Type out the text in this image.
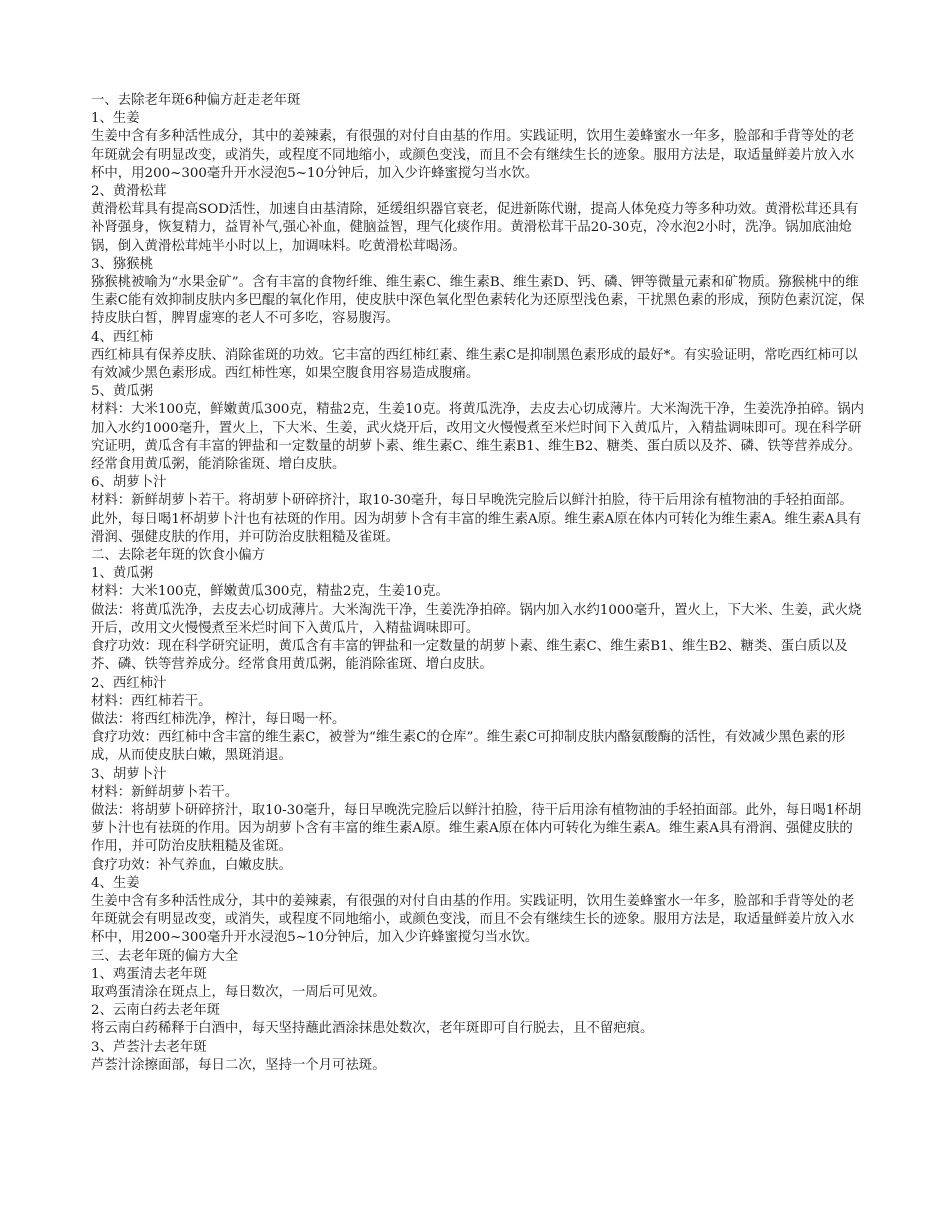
一、去除老年斑6种偏方赶走老年斑

1、生姜

生姜中含有多种活性成分，其中的姜辣素，有很强的对付自由基的作用。实践证明，饮用生姜蜂蜜水一年多，脸部和手背等处的老年斑就会有明显改变，或消失，或程度不同地缩小，或颜色变浅，而且不会有继续生长的迹象。服用方法是，取适量鲜姜片放入水杯中，用200~300毫升开水浸泡5~10分钟后，加入少许蜂蜜搅匀当水饮。

2、黄滑松茸

黄滑松茸具有提高SOD活性，加速自由基清除，延缓组织器官衰老，促进新陈代谢，提高人体免疫力等多种功效。黄滑松茸还具有补肾强身，恢复精力，益胃补气,强心补血，健脑益智，理气化痰作用。黄滑松茸干品20-30克，冷水泡2小时，洗净。锅加底油炝锅，倒入黄滑松茸炖半小时以上，加调味料。吃黄滑松茸喝汤。

3、猕猴桃

猕猴桃被喻为“水果金矿”。含有丰富的食物纤维、维生素C、维生素B、维生素D、钙、磷、钾等微量元素和矿物质。猕猴桃中的维生素C能有效抑制皮肤内多巴醌的氧化作用，使皮肤中深色氧化型色素转化为还原型浅色素，干扰黑色素的形成，预防色素沉淀，保持皮肤白皙，脾胃虚寒的老人不可多吃，容易腹泻。

4、西红柿

西红柿具有保养皮肤、消除雀斑的功效。它丰富的西红柿红素、维生素C是抑制黑色素形成的最好*。有实验证明，常吃西红柿可以有效减少黑色素形成。西红柿性寒，如果空腹食用容易造成腹痛。

5、黄瓜粥

材料：大米100克，鲜嫩黄瓜300克，精盐2克，生姜10克。将黄瓜洗净，去皮去心切成薄片。大米淘洗干净，生姜洗净拍碎。锅内加入水约1000毫升，置火上，下大米、生姜，武火烧开后，改用文火慢慢煮至米烂时间下入黄瓜片，入精盐调味即可。现在科学研究证明，黄瓜含有丰富的钾盐和一定数量的胡萝卜素、维生素C、维生素B1、维生B2、糖类、蛋白质以及芥、磷、铁等营养成分。经常食用黄瓜粥，能消除雀斑、增白皮肤。

6、胡萝卜汁

材料：新鲜胡萝卜若干。将胡萝卜研碎挤汁，取10-30毫升，每日早晚洗完脸后以鲜汁拍脸，待干后用涂有植物油的手轻拍面部。此外，每日喝1杯胡萝卜汁也有祛斑的作用。因为胡萝卜含有丰富的维生素A原。维生素A原在体内可转化为维生素A。维生素A具有滑润、强健皮肤的作用，并可防治皮肤粗糙及雀斑。

二、去除老年斑的饮食小偏方

1、黄瓜粥

材料：大米100克，鲜嫩黄瓜300克，精盐2克，生姜10克。

做法：将黄瓜洗净，去皮去心切成薄片。大米淘洗干净，生姜洗净拍碎。锅内加入水约1000毫升，置火上，下大米、生姜，武火烧开后，改用文火慢慢煮至米烂时间下入黄瓜片，入精盐调味即可。

食疗功效：现在科学研究证明，黄瓜含有丰富的钾盐和一定数量的胡萝卜素、维生素C、维生素B1、维生B2、糖类、蛋白质以及芥、磷、铁等营养成分。经常食用黄瓜粥，能消除雀斑、增白皮肤。

2、西红柿汁

材料：西红柿若干。

做法：将西红柿洗净，榨汁，每日喝一杯。

食疗功效：西红柿中含丰富的维生素C，被誉为“维生素C的仓库”。维生素C可抑制皮肤内酪氨酸酶的活性，有效减少黑色素的形成，从而使皮肤白嫩，黑斑消退。

3、胡萝卜汁

材料：新鲜胡萝卜若干。

做法：将胡萝卜研碎挤汁，取10-30毫升，每日早晚洗完脸后以鲜汁拍脸，待干后用涂有植物油的手轻拍面部。此外，每日喝1杯胡萝卜汁也有祛斑的作用。因为胡萝卜含有丰富的维生素A原。维生素A原在体内可转化为维生素A。维生素A具有滑润、强健皮肤的作用，并可防治皮肤粗糙及雀斑。

食疗功效：补气养血，白嫩皮肤。

4、生姜

生姜中含有多种活性成分，其中的姜辣素，有很强的对付自由基的作用。实践证明，饮用生姜蜂蜜水一年多，脸部和手背等处的老年斑就会有明显改变，或消失，或程度不同地缩小，或颜色变浅，而且不会有继续生长的迹象。服用方法是，取适量鲜姜片放入水杯中，用200~300毫升开水浸泡5~10分钟后，加入少许蜂蜜搅匀当水饮。

三、去老年斑的偏方大全

1、鸡蛋清去老年斑

取鸡蛋清涂在斑点上，每日数次，一周后可见效。

2、云南白药去老年斑

将云南白药稀释于白酒中，每天坚持蘸此酒涂抹患处数次，老年斑即可自行脱去，且不留疤痕。

3、芦荟汁去老年斑

芦荟汁涂擦面部，每日二次，坚持一个月可祛斑。
